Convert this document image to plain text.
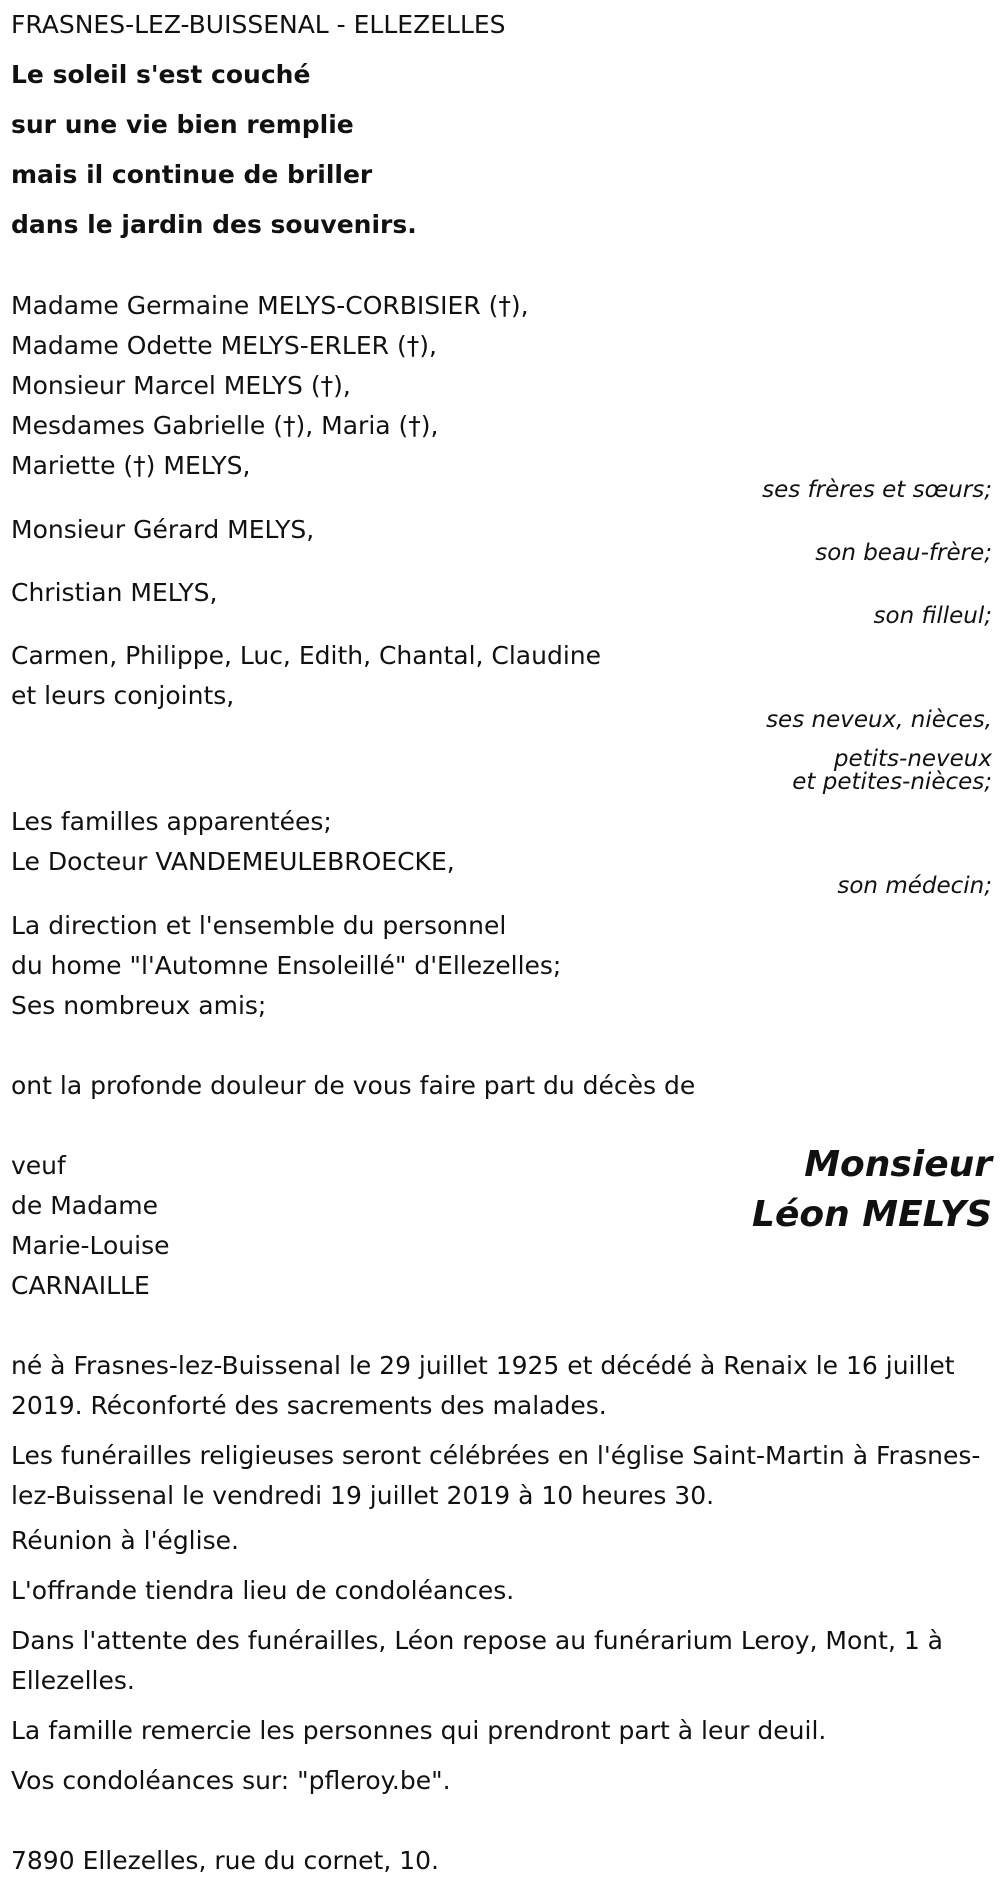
FRASNES-LEZ-BUISSENAL - ELLEZELLES
Le soleil s'est couché
sur une vie bien remplie
mais il continue de briller
dans le jardin des souvenirs.
Madame Germaine MELYS-CORBISIER (†),
Madame Odette MELYS-ERLER (†),
Monsieur Marcel MELYS (†),
Mesdames Gabrielle (†), Maria (†),
Mariette (†) MELYS,
ses frères et sœurs;
Monsieur Gérard MELYS,
son beau-frère;
Christian MELYS,
son filleul;
Carmen, Philippe, Luc, Edith, Chantal, Claudine
et leurs conjoints,
ses neveux, nièces,
petits-neveux
et petites-nièces;
Les familles apparentées;
Le Docteur VANDEMEULEBROECKE,
son médecin;
La direction et l'ensemble du personnel
du home "l'Automne Ensoleillé" d'Ellezelles;
Ses nombreux amis;
ont la profonde douleur de vous faire part du décès de
veuf
de Madame
Marie-Louise
CARNAILLE
Monsieur
Léon MELYS
né à Frasnes-lez-Buissenal le 29 juillet 1925 et décédé à Renaix le 16 juillet 2019. Réconforté des sacrements des malades.
Les funérailles religieuses seront célébrées en l'église Saint-Martin à Frasnes-lez-Buissenal le vendredi 19 juillet 2019 à 10 heures 30.
Réunion à l'église.
L'offrande tiendra lieu de condoléances.
Dans l'attente des funérailles, Léon repose au funérarium Leroy, Mont, 1 à Ellezelles.
La famille remercie les personnes qui prendront part à leur deuil.
Vos condoléances sur: "pfleroy.be".
7890 Ellezelles, rue du cornet, 10.
